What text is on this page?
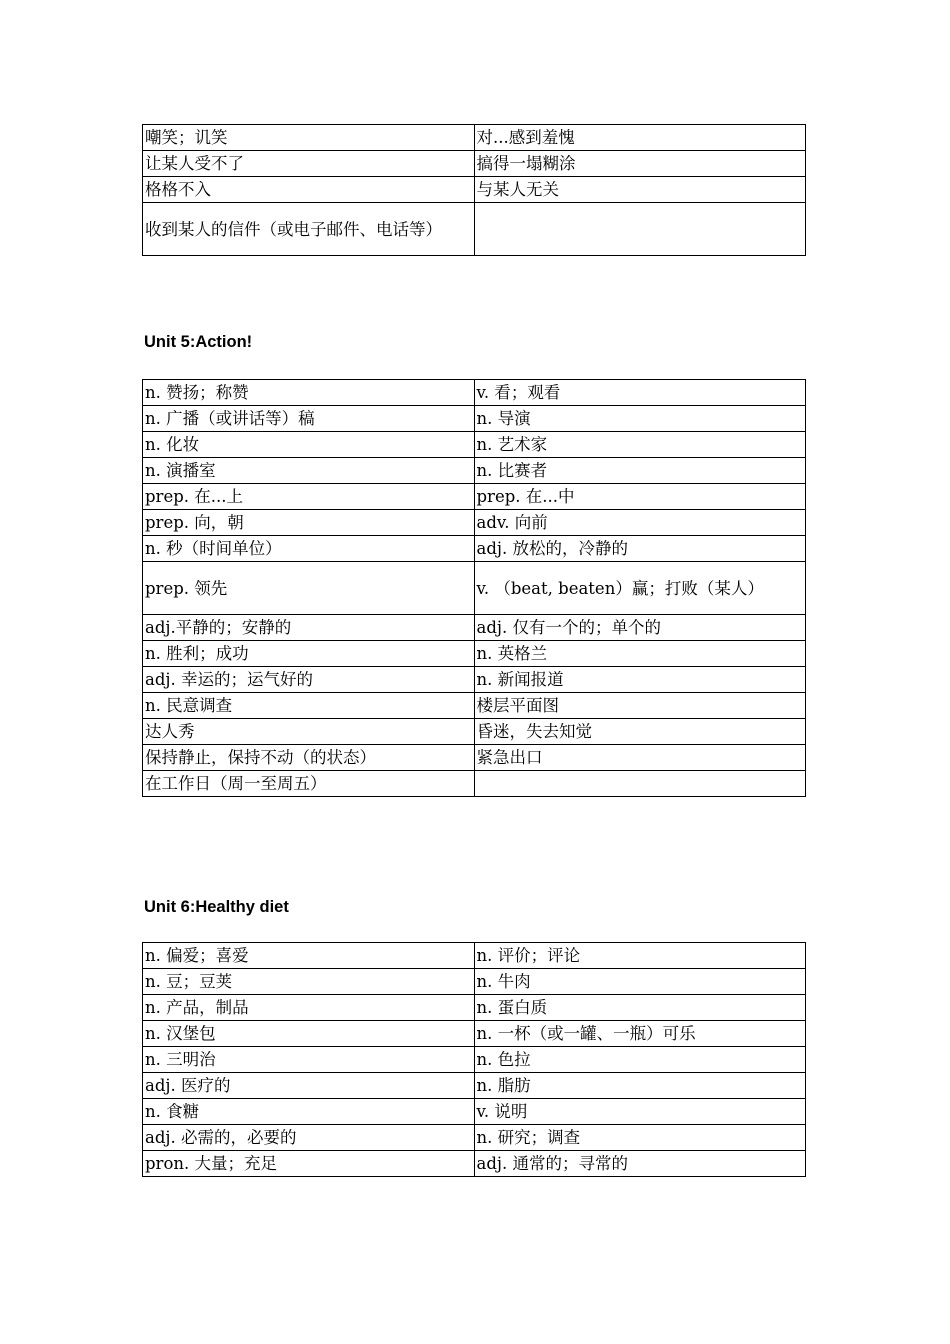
嘲笑；讥笑	对...感到羞愧
让某人受不了	搞得一塌糊涂
格格不入	与某人无关
收到某人的信件（或电子邮件、电话等）	
Unit 5:Action!
n. 赞扬；称赞	v. 看；观看
n. 广播（或讲话等）稿	n. 导演
n. 化妆	n. 艺术家
n. 演播室	n. 比赛者
prep. 在...上	prep. 在...中
prep. 向，朝	adv. 向前
n. 秒（时间单位）	adj. 放松的，冷静的
prep. 领先	v. （beat, beaten）赢；打败（某人）
adj.平静的；安静的	adj. 仅有一个的；单个的
n. 胜利；成功	n. 英格兰
adj. 幸运的；运气好的	n. 新闻报道
n. 民意调查	楼层平面图
达人秀	昏迷，失去知觉
保持静止，保持不动（的状态）	紧急出口
在工作日（周一至周五）	
Unit 6:Healthy diet
n. 偏爱；喜爱	n. 评价；评论
n. 豆；豆荚	n. 牛肉
n. 产品，制品	n. 蛋白质
n. 汉堡包	n. 一杯（或一罐、一瓶）可乐
n. 三明治	n. 色拉
adj. 医疗的	n. 脂肪
n. 食糖	v. 说明
adj. 必需的，必要的	n. 研究；调查
pron. 大量；充足	adj. 通常的；寻常的
